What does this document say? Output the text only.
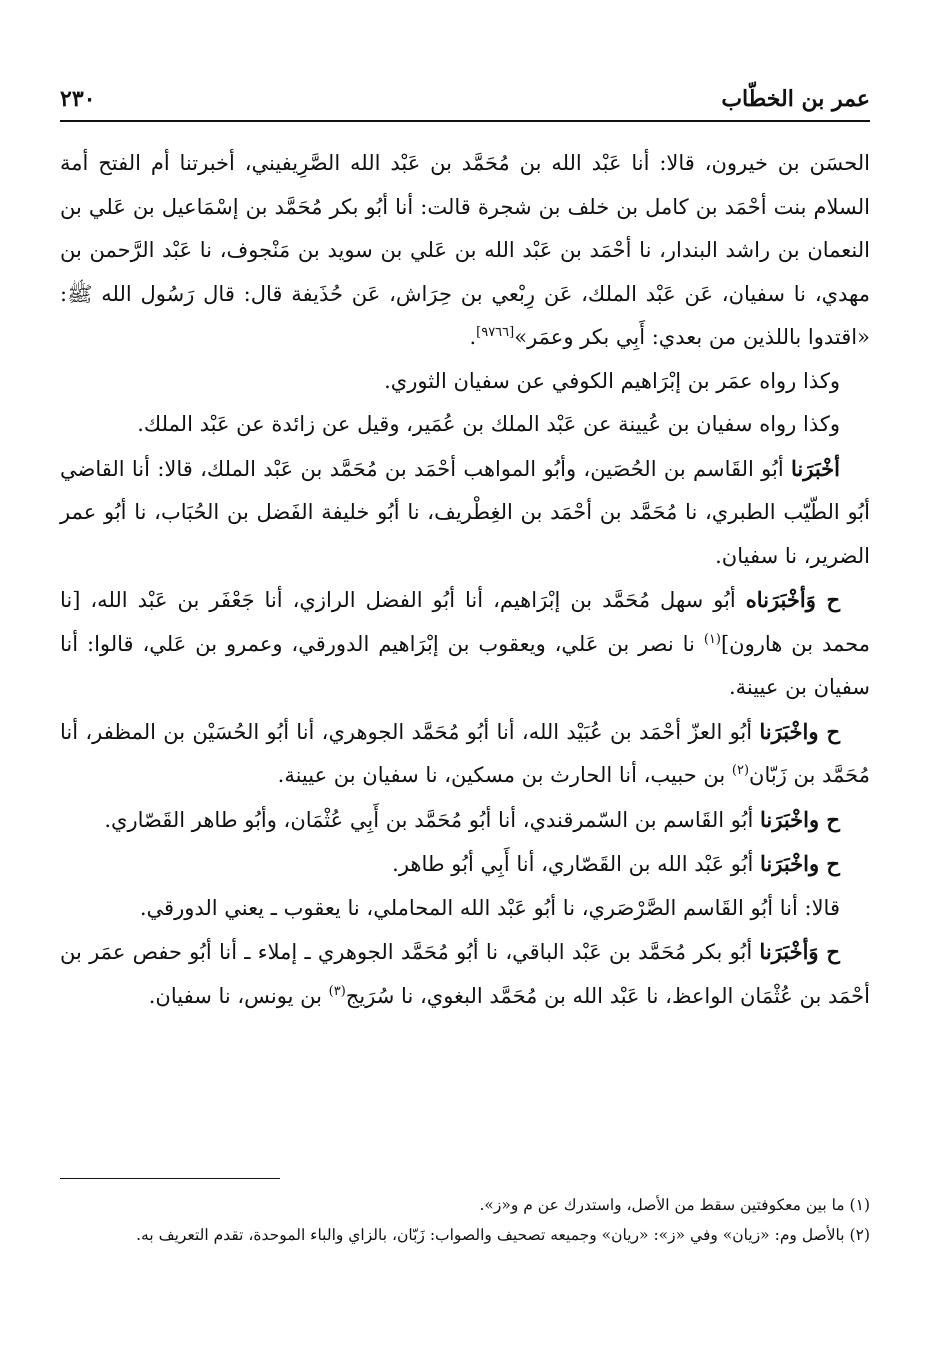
عمر بن الخطّاب
٢٣٠

الحسَن بن خيرون، قالا: أنا عَبْد الله بن مُحَمَّد بن عَبْد الله الصَّرِيفيني، أخبرتنا أم الفتح أمة السلام بنت أحْمَد بن كامل بن خلف بن شجرة قالت: أنا أبُو بكر مُحَمَّد بن إسْمَاعيل بن عَلي بن النعمان بن راشد البندار، نا أحْمَد بن عَبْد الله بن عَلي بن سويد بن مَنْجوف، نا عَبْد الرَّحمن بن مهدي، نا سفيان، عَن عَبْد الملك، عَن رِبْعي بن حِرَاش، عَن حُذَيفة قال: قال رَسُول الله ﷺ: «اقتدوا باللذين من بعدي: أَبِي بكر وعمَر»[٩٧٦٦].

وكذا رواه عمَر بن إبْرَاهيم الكوفي عن سفيان الثوري.

وكذا رواه سفيان بن عُيينة عن عَبْد الملك بن عُمَير، وقيل عن زائدة عن عَبْد الملك.

أخْبَرَنا أبُو القَاسم بن الحُصَين، وأبُو المواهب أحْمَد بن مُحَمَّد بن عَبْد الملك، قالا: أنا القاضي أبُو الطّيّب الطبري، نا مُحَمَّد بن أحْمَد بن الغِطْريف، نا أبُو خليفة الفَضل بن الحُبَاب، نا أبُو عمر الضرير، نا سفيان.

ح وَأخْبَرَناه أبُو سهل مُحَمَّد بن إبْرَاهيم، أنا أبُو الفضل الرازي، أنا جَعْفَر بن عَبْد الله، [نا محمد بن هارون]$^{(١)}$ نا نصر بن عَلي، ويعقوب بن إبْرَاهيم الدورقي، وعمرو بن عَلي، قالوا: أنا سفيان بن عيينة.

ح واخْبَرَنا أبُو العزّ أحْمَد بن عُبَيْد الله، أنا أبُو مُحَمَّد الجوهري، أنا أبُو الحُسَيْن بن المظفر، أنا مُحَمَّد بن زَبّان$^{(٢)}$ بن حبيب، أنا الحارث بن مسكين، نا سفيان بن عيينة.

ح واخْبَرَنا أبُو القَاسم بن السّمرقندي، أنا أبُو مُحَمَّد بن أَبِي عُثْمَان، وأبُو طاهر القَصّاري.

ح واخْبَرَنا أبُو عَبْد الله بن القَصّاري، أنا أَبِي أبُو طاهر.

قالا: أنا أبُو القَاسم الصَّرْصَري، نا أبُو عَبْد الله المحاملي، نا يعقوب ـ يعني الدورقي.

ح وَأخْبَرَنا أبُو بكر مُحَمَّد بن عَبْد الباقي، نا أبُو مُحَمَّد الجوهري ـ إملاء ـ أنا أبُو حفص عمَر بن أحْمَد بن عُثْمَان الواعظ، نا عَبْد الله بن مُحَمَّد البغوي، نا سُرَيج$^{(٣)}$ بن يونس، نا سفيان.

(١) ما بين معكوفتين سقط من الأصل، واستدرك عن م و«ز».

(٢) بالأصل وم: «زيان» وفي «ز»: «ريان» وجميعه تصحيف والصواب: زَبّان، بالزاي والباء الموحدة، تقدم التعريف به.
